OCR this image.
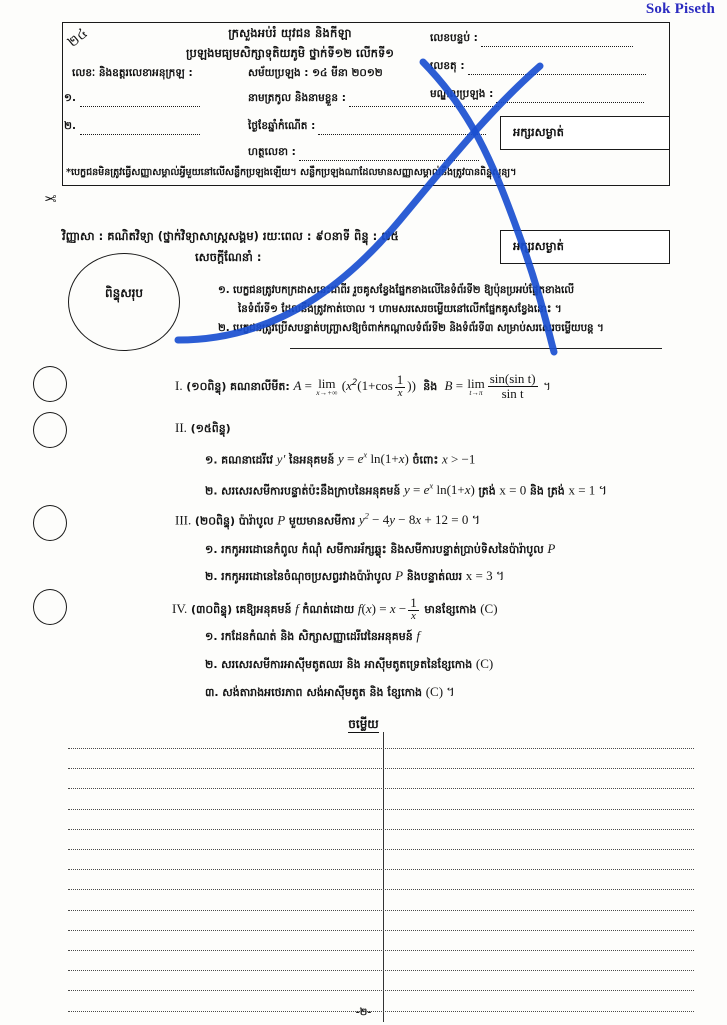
Sok Piseth
២៤
✂
ក្រសួងអប់រំ យុវជន និងកីឡា
ប្រឡងមធ្យមសិក្សាទុតិយភូមិ ថ្នាក់ទី១២ លើកទី១
លេខៈ និងឧត្តរលេខាអនុក្រឡ :	សម័យប្រឡង : ១៤ មីនា ២០១២
១.
២.
នាមត្រកូល និងនាមខ្លួន :
ថ្ងៃខែឆ្នាំកំណើត :
ហត្ថលេខា :
លេខបន្ទប់ :
លេខតុ :
មណ្ឌលប្រឡង :
អក្សរសម្ងាត់
*បេក្ខជនមិនត្រូវធ្វើសញ្ញាសម្គាល់អ្វីមួយនៅលើសន្លឹកប្រឡងឡើយ។ សន្លឹកប្រឡងណាដែលមានសញ្ញាសម្គាល់នឹងត្រូវបានពិន្ទុសូន្យ។
វិញ្ញាសា : គណិតវិទ្យា (ថ្នាក់វិទ្យាសាស្ត្រសង្គម) រយៈពេល : ៩០នាទី ពិន្ទុ : ៧៥
អក្សរសម្ងាត់
ពិន្ទុសរុប
សេចក្តីណែនាំ :
១. បេក្ខជនត្រូវបកក្រដាសនេះជាពីរ រួចគូសខ្វែងផ្នែកខាងលើនៃទំព័រទី២ ឱ្យប៉ុនប្រអប់ផ្នែកខាងលើ
នៃទំព័រទី១ ដែលនឹងត្រូវកាត់ចោល ។ ហាមសរសេរចម្លើយនៅលើកផ្នែកគូសខ្វែងនោះ ។
២. បេក្ខជនត្រូវប្រើសបន្ទាត់បញ្ច្រាសឱ្យចំពាក់កណ្តាលទំព័រទី២ និងទំព័រទី៣ សម្រាប់សរសេរចម្លើយបន្ត ។
I. (១០ពិន្ទុ) គណនាលីមីត: A = lim
x→+∞ ($x^2(1+\cos \frac{1}{x}$ )) និង B = lim
$t\to\pi \frac{\text{sin(sin t)}}{\text{sin t}}$ ។
II. (១៥ពិន្ទុ)
១. គណនាដេរីវេ y′ នៃអនុគមន៍ $y = e^x$ ln(1+x) ចំពោះ x > −1
២. សរសេរសមីការបន្ទាត់ប៉ះនឹងក្រាបនៃអនុគមន៍ $y = e^x$ ln(1+x) ត្រង់ x = 0 និង ត្រង់ x = 1 ។
III. (២០ពិន្ទុ) ប៉ារ៉ាបូល P មួយមានសមីការ $y^2 - 4y - 8x + 12 = 0$ ។
១. រកកូអរដោនេកំពូល កំណុំ សមីការអ័ក្សឆ្លុះ និងសមីការបន្ទាត់ប្រាប់ទិសនៃប៉ារ៉ាបូល P
២. រកកូអរដោនេនៃចំណុចប្រសព្វរវាងប៉ារ៉ាបូល P និងបន្ទាត់ឈរ x = 3 ។
IV. (៣០ពិន្ទុ) គេឱ្យអនុគមន៍ f កំណត់ដោយ $f(x) = x - \frac{1}{x}$ មានខ្សែកោង (C)
១. រកដែនកំណត់ និង សិក្សាសញ្ញាដេរីវេនៃអនុគមន៍ f
២. សរសេរសមីការអាស៊ីមតូតឈរ និង អាស៊ីមតូតទ្រេតនៃខ្សែកោង (C)
៣. សង់តារាងអថេរភាព សង់អាស៊ីមតូត និង ខ្សែកោង (C) ។
ចម្លើយ
-២-
